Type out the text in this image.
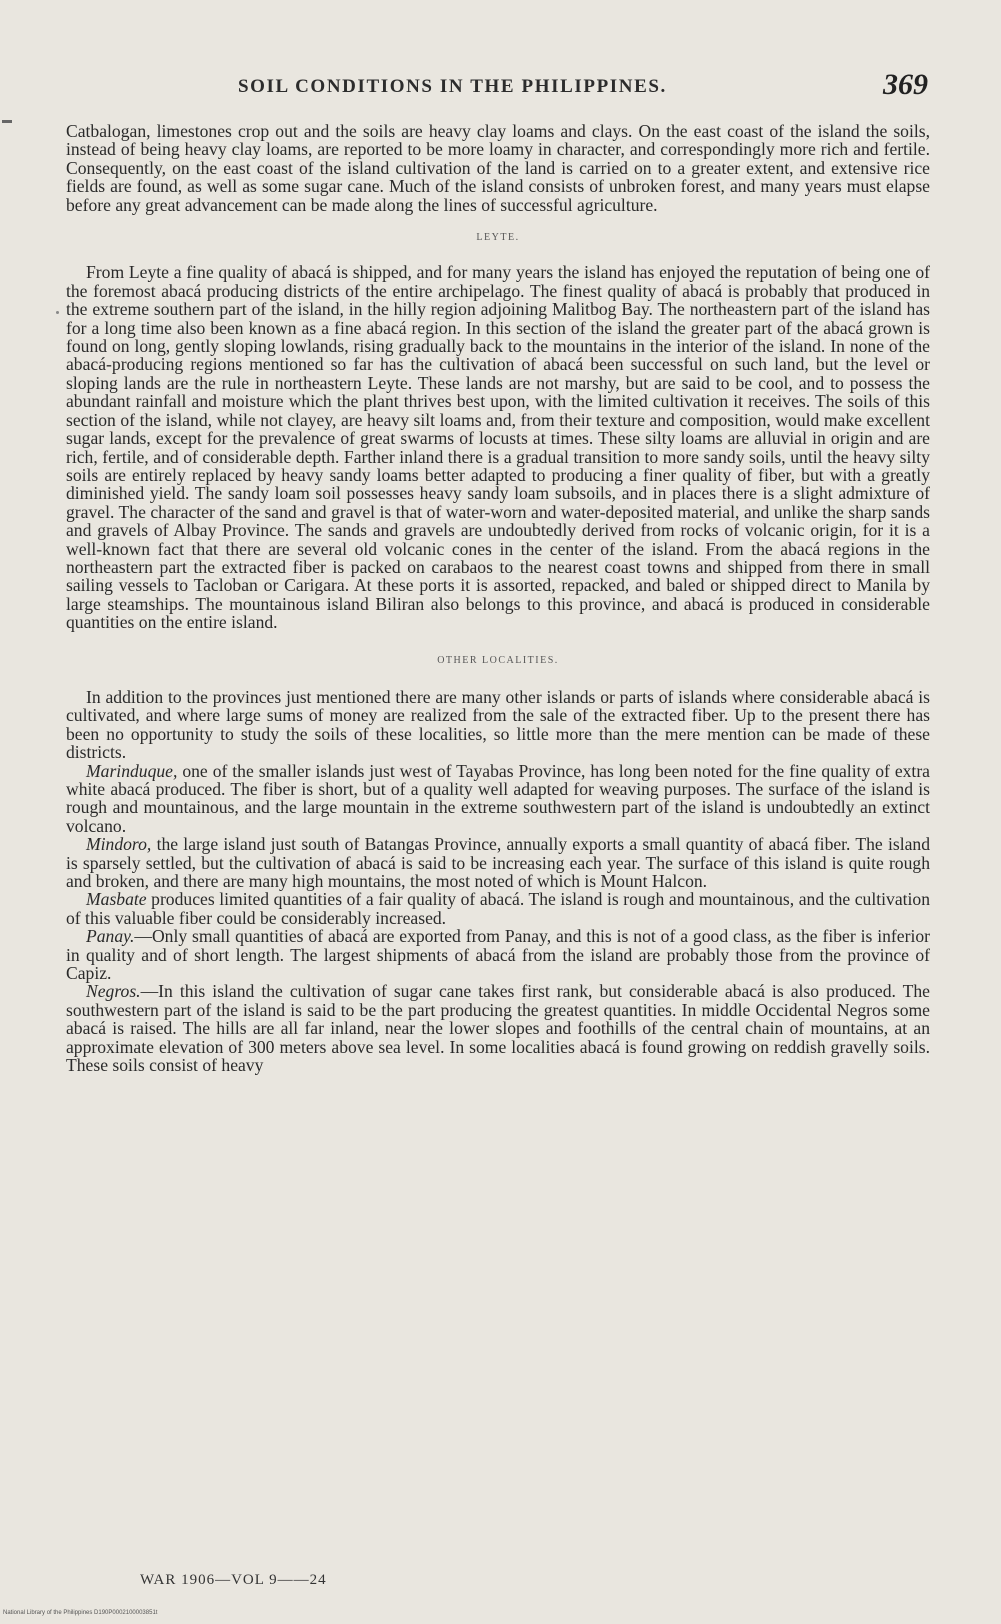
SOIL CONDITIONS IN THE PHILIPPINES.	369

Catbalogan, limestones crop out and the soils are heavy clay loams and clays. On the east coast of the island the soils, instead of being heavy clay loams, are reported to be more loamy in character, and correspondingly more rich and fertile. Consequently, on the east coast of the island cultivation of the land is carried on to a greater extent, and extensive rice fields are found, as well as some sugar cane. Much of the island consists of unbroken forest, and many years must elapse before any great advancement can be made along the lines of successful agriculture.

LEYTE.

From Leyte a fine quality of abacá is shipped, and for many years the island has enjoyed the reputation of being one of the foremost abacá producing districts of the entire archipelago. The finest quality of abacá is probably that produced in the extreme southern part of the island, in the hilly region adjoining Malitbog Bay. The northeastern part of the island has for a long time also been known as a fine abacá region. In this section of the island the greater part of the abacá grown is found on long, gently sloping lowlands, rising gradually back to the mountains in the interior of the island. In none of the abacá-producing regions mentioned so far has the cultivation of abacá been successful on such land, but the level or sloping lands are the rule in northeastern Leyte. These lands are not marshy, but are said to be cool, and to possess the abundant rainfall and moisture which the plant thrives best upon, with the limited cultivation it receives. The soils of this section of the island, while not clayey, are heavy silt loams and, from their texture and composition, would make excellent sugar lands, except for the prevalence of great swarms of locusts at times. These silty loams are alluvial in origin and are rich, fertile, and of considerable depth. Farther inland there is a gradual transition to more sandy soils, until the heavy silty soils are entirely replaced by heavy sandy loams better adapted to producing a finer quality of fiber, but with a greatly diminished yield. The sandy loam soil possesses heavy sandy loam subsoils, and in places there is a slight admixture of gravel. The character of the sand and gravel is that of water-worn and water-deposited material, and unlike the sharp sands and gravels of Albay Province. The sands and gravels are undoubtedly derived from rocks of volcanic origin, for it is a well-known fact that there are several old volcanic cones in the center of the island. From the abacá regions in the northeastern part the extracted fiber is packed on carabaos to the nearest coast towns and shipped from there in small sailing vessels to Tacloban or Carigara. At these ports it is assorted, repacked, and baled or shipped direct to Manila by large steamships. The mountainous island Biliran also belongs to this province, and abacá is produced in considerable quantities on the entire island.

OTHER LOCALITIES.

In addition to the provinces just mentioned there are many other islands or parts of islands where considerable abacá is cultivated, and where large sums of money are realized from the sale of the extracted fiber. Up to the present there has been no opportunity to study the soils of these localities, so little more than the mere mention can be made of these districts.

Marinduque, one of the smaller islands just west of Tayabas Province, has long been noted for the fine quality of extra white abacá produced. The fiber is short, but of a quality well adapted for weaving purposes. The surface of the island is rough and mountainous, and the large mountain in the extreme southwestern part of the island is undoubtedly an extinct volcano.

Mindoro, the large island just south of Batangas Province, annually exports a small quantity of abacá fiber. The island is sparsely settled, but the cultivation of abacá is said to be increasing each year. The surface of this island is quite rough and broken, and there are many high mountains, the most noted of which is Mount Halcon.

Masbate produces limited quantities of a fair quality of abacá. The island is rough and mountainous, and the cultivation of this valuable fiber could be considerably increased.

Panay.—Only small quantities of abacá are exported from Panay, and this is not of a good class, as the fiber is inferior in quality and of short length. The largest shipments of abacá from the island are probably those from the province of Capiz.

Negros.—In this island the cultivation of sugar cane takes first rank, but considerable abacá is also produced. The southwestern part of the island is said to be the part producing the greatest quantities. In middle Occidental Negros some abacá is raised. The hills are all far inland, near the lower slopes and foothills of the central chain of mountains, at an approximate elevation of 300 meters above sea level. In some localities abacá is found growing on reddish gravelly soils. These soils consist of heavy

WAR 1906—VOL 9——24
National Library of the Philippines D190P0002100003851t
